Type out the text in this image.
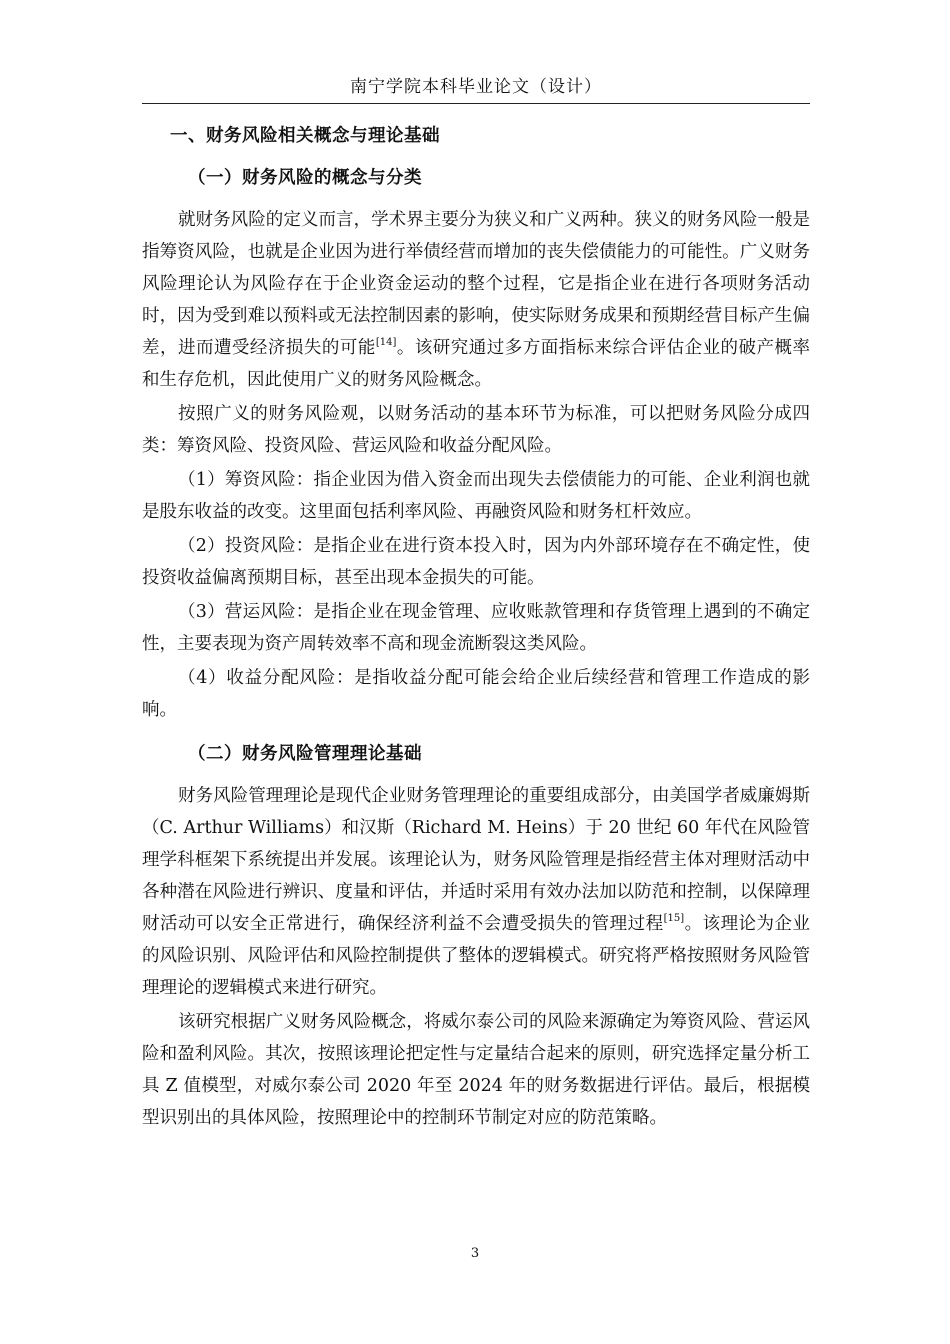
南宁学院本科毕业论文（设计）
一、财务风险相关概念与理论基础
（一）财务风险的概念与分类

就财务风险的定义而言，学术界主要分为狭义和广义两种。狭义的财务风险一般是指筹资风险，也就是企业因为进行举债经营而增加的丧失偿债能力的可能性。广义财务风险理论认为风险存在于企业资金运动的整个过程，它是指企业在进行各项财务活动时，因为受到难以预料或无法控制因素的影响，使实际财务成果和预期经营目标产生偏差，进而遭受经济损失的可能[14]。该研究通过多方面指标来综合评估企业的破产概率和生存危机，因此使用广义的财务风险概念。

按照广义的财务风险观，以财务活动的基本环节为标准，可以把财务风险分成四类：筹资风险、投资风险、营运风险和收益分配风险。

（1）筹资风险：指企业因为借入资金而出现失去偿债能力的可能、企业利润也就是股东收益的改变。这里面包括利率风险、再融资风险和财务杠杆效应。

（2）投资风险：是指企业在进行资本投入时，因为内外部环境存在不确定性，使投资收益偏离预期目标，甚至出现本金损失的可能。

（3）营运风险：是指企业在现金管理、应收账款管理和存货管理上遇到的不确定性，主要表现为资产周转效率不高和现金流断裂这类风险。

（4）收益分配风险：是指收益分配可能会给企业后续经营和管理工作造成的影响。

（二）财务风险管理理论基础

财务风险管理理论是现代企业财务管理理论的重要组成部分，由美国学者威廉姆斯（C. Arthur Williams）和汉斯（Richard M. Heins）于 20 世纪 60 年代在风险管理学科框架下系统提出并发展。该理论认为，财务风险管理是指经营主体对理财活动中各种潜在风险进行辨识、度量和评估，并适时采用有效办法加以防范和控制，以保障理财活动可以安全正常进行，确保经济利益不会遭受损失的管理过程[15]。该理论为企业的风险识别、风险评估和风险控制提供了整体的逻辑模式。研究将严格按照财务风险管理理论的逻辑模式来进行研究。

该研究根据广义财务风险概念，将威尔泰公司的风险来源确定为筹资风险、营运风险和盈利风险。其次，按照该理论把定性与定量结合起来的原则，研究选择定量分析工具 Z 值模型，对威尔泰公司 2020 年至 2024 年的财务数据进行评估。最后，根据模型识别出的具体风险，按照理论中的控制环节制定对应的防范策略。

3
